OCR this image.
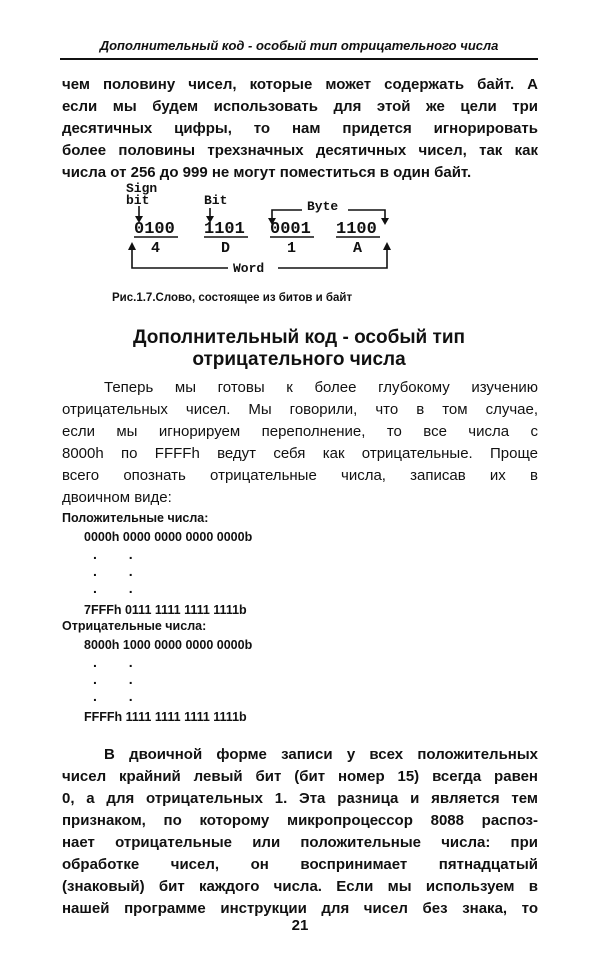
Дополнительный код - особый тип отрицательного числа

чем половину чисел, которые может содержать байт. А
если мы будем использовать для этой же цели три
десятичных цифры, то нам придется игнорировать
более половины трехзначных десятичных чисел, так как
числа от 256 до 999 не могут поместиться в один байт.

Sign
bit	Bit	Byte
0100 1101 0001 1100
4	D	1	A
Word
Рис.1.7.Слово, состоящее из битов и байт
Дополнительный код - особый тип
отрицательного числа

Теперь мы готовы к более глубокому изучению
отрицательных чисел. Мы говорили, что в том случае,
если мы игнорируем переполнение, то все числа с
8000h по FFFFh ведут себя как отрицательные. Проще
всего опознать отрицательные числа, записав их в
двоичном виде:

Положительные числа:
0000h 0000 0000 0000 0000b
. .
. .
. .
7FFFh 0111 1111 1111 1111b
Отрицательные числа:
8000h 1000 0000 0000 0000b
. .
. .
. .
FFFFh 1111 1111 1111 1111b

В двоичной форме записи у всех положительных
чисел крайний левый бит (бит номер 15) всегда равен
0, а для отрицательных 1. Эта разница и является тем
признаком, по которому микропроцессор 8088 распоз-
нает отрицательные или положительные числа: при
обработке чисел, он воспринимает пятнадцатый
(знаковый) бит каждого числа. Если мы используем в
нашей программе инструкции для чисел без знака, то

21
